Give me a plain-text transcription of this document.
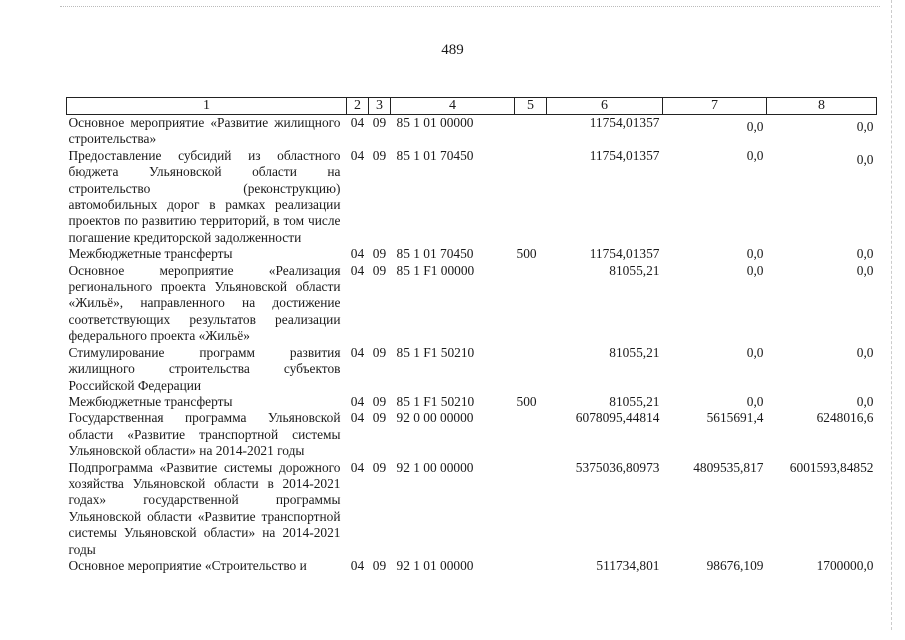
489
1	2	3	4	5	6	7	8
Основное мероприятие «Развитие жилищного строительства»	04	09	85 1 01 00000		11754,01357	0,0	0,0
Предоставление субсидий из областного бюджета Ульяновской области на строительство (реконструкцию) автомобильных дорог в рамках реализации проектов по развитию территорий, в том числе погашение кредиторской задолженности	04	09	85 1 01 70450		11754,01357	0,0	0,0
Межбюджетные трансферты	04	09	85 1 01 70450	500	11754,01357	0,0	0,0
Основное мероприятие «Реализация регионального проекта Ульяновской области «Жильё», направленного на достижение соответствующих результатов реализации федерального проекта «Жильё»	04	09	85 1 F1 00000		81055,21	0,0	0,0
Стимулирование программ развития жилищного строительства субъектов Российской Федерации	04	09	85 1 F1 50210		81055,21	0,0	0,0
Межбюджетные трансферты	04	09	85 1 F1 50210	500	81055,21	0,0	0,0
Государственная программа Ульяновской области «Развитие транспортной системы Ульяновской области» на 2014-2021 годы	04	09	92 0 00 00000		6078095,44814	5615691,4	6248016,6
Подпрограмма «Развитие системы дорожного хозяйства Ульяновской области в 2014-2021 годах» государственной программы Ульяновской области «Развитие транспортной системы Ульяновской области» на 2014-2021 годы	04	09	92 1 00 00000		5375036,80973	4809535,817	6001593,84852
Основное мероприятие «Строительство и	04	09	92 1 01 00000		511734,801	98676,109	1700000,0
